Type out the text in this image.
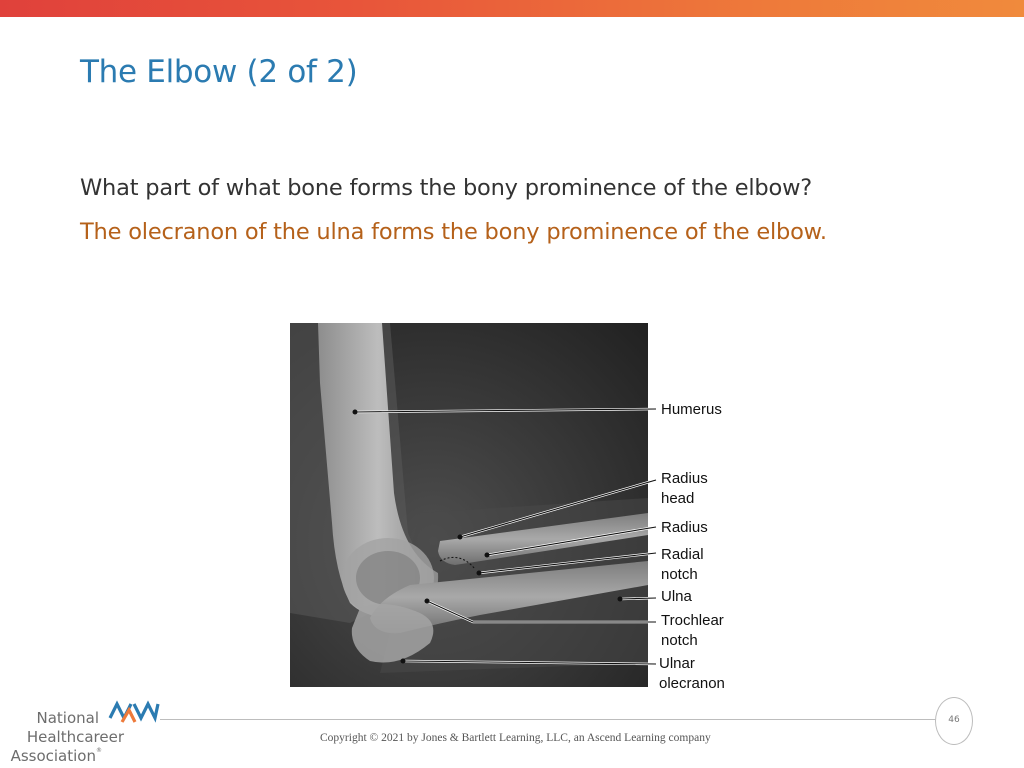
The Elbow (2 of 2)
What part of what bone forms the bony prominence of the elbow?
The olecranon of the ulna forms the bony prominence of the elbow.
Humerus
Radius
head
Radius
Radial
notch
Ulna
Trochlear
notch
Ulnar
olecranon
46
Copyright © 2021 by Jones & Bartlett Learning, LLC, an Ascend Learning company
National
Healthcareer
Association®
